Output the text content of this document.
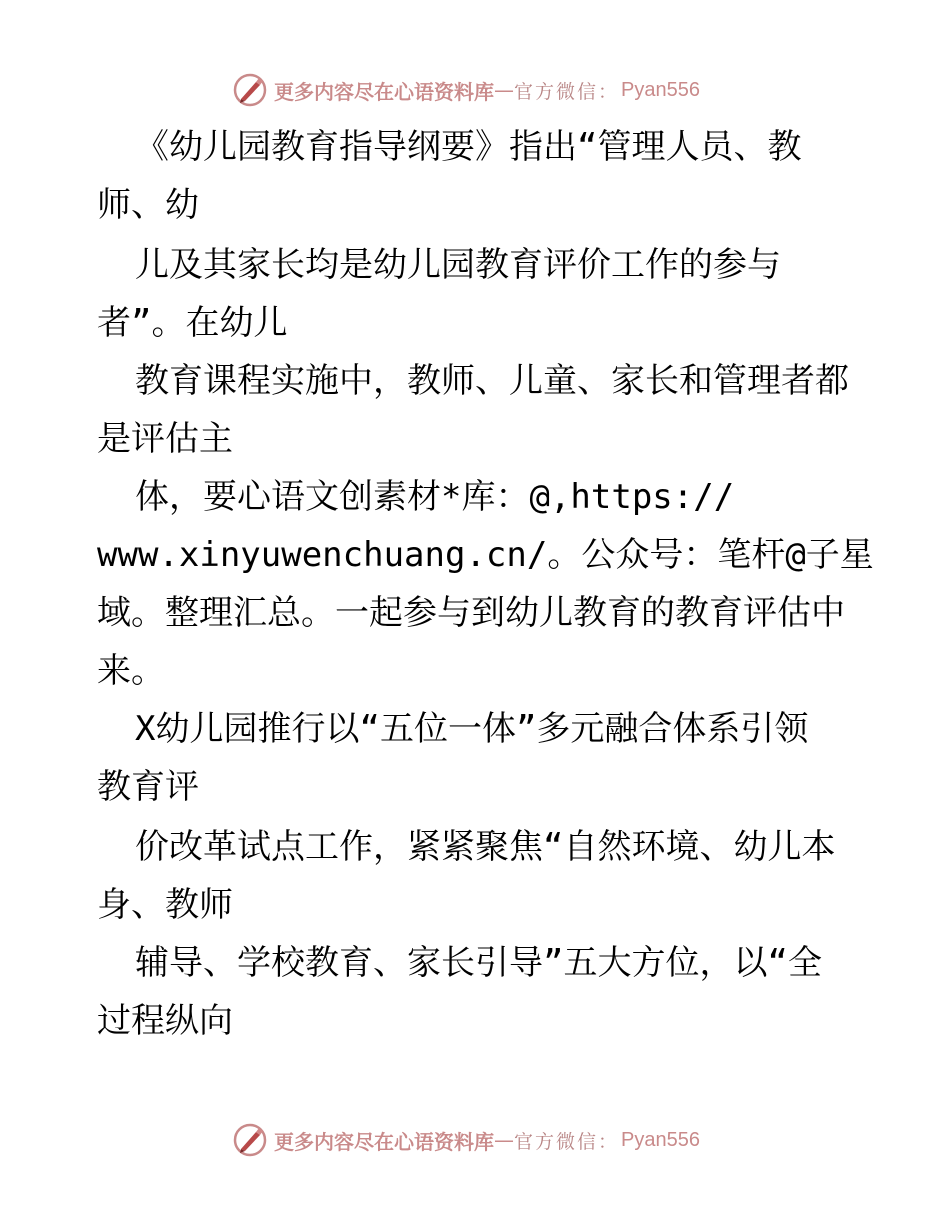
更多内容尽在心语资料库 — 官方微信： Pyan556
《幼儿园教育指导纲要》指出“管理人员、教
师、幼
儿及其家长均是幼儿园教育评价工作的参与
者”。在幼儿
教育课程实施中，教师、儿童、家长和管理者都
是评估主
体，要心语文创素材*库：@,https://
www.xinyuwenchuang.cn/。公众号：笔杆@子星
域。整理汇总。一起参与到幼儿教育的教育评估中
来。
X幼儿园推行以“五位一体”多元融合体系引领
教育评
价改革试点工作，紧紧聚焦“自然环境、幼儿本
身、教师
辅导、学校教育、家长引导”五大方位，以“全
过程纵向
更多内容尽在心语资料库 — 官方微信： Pyan556
